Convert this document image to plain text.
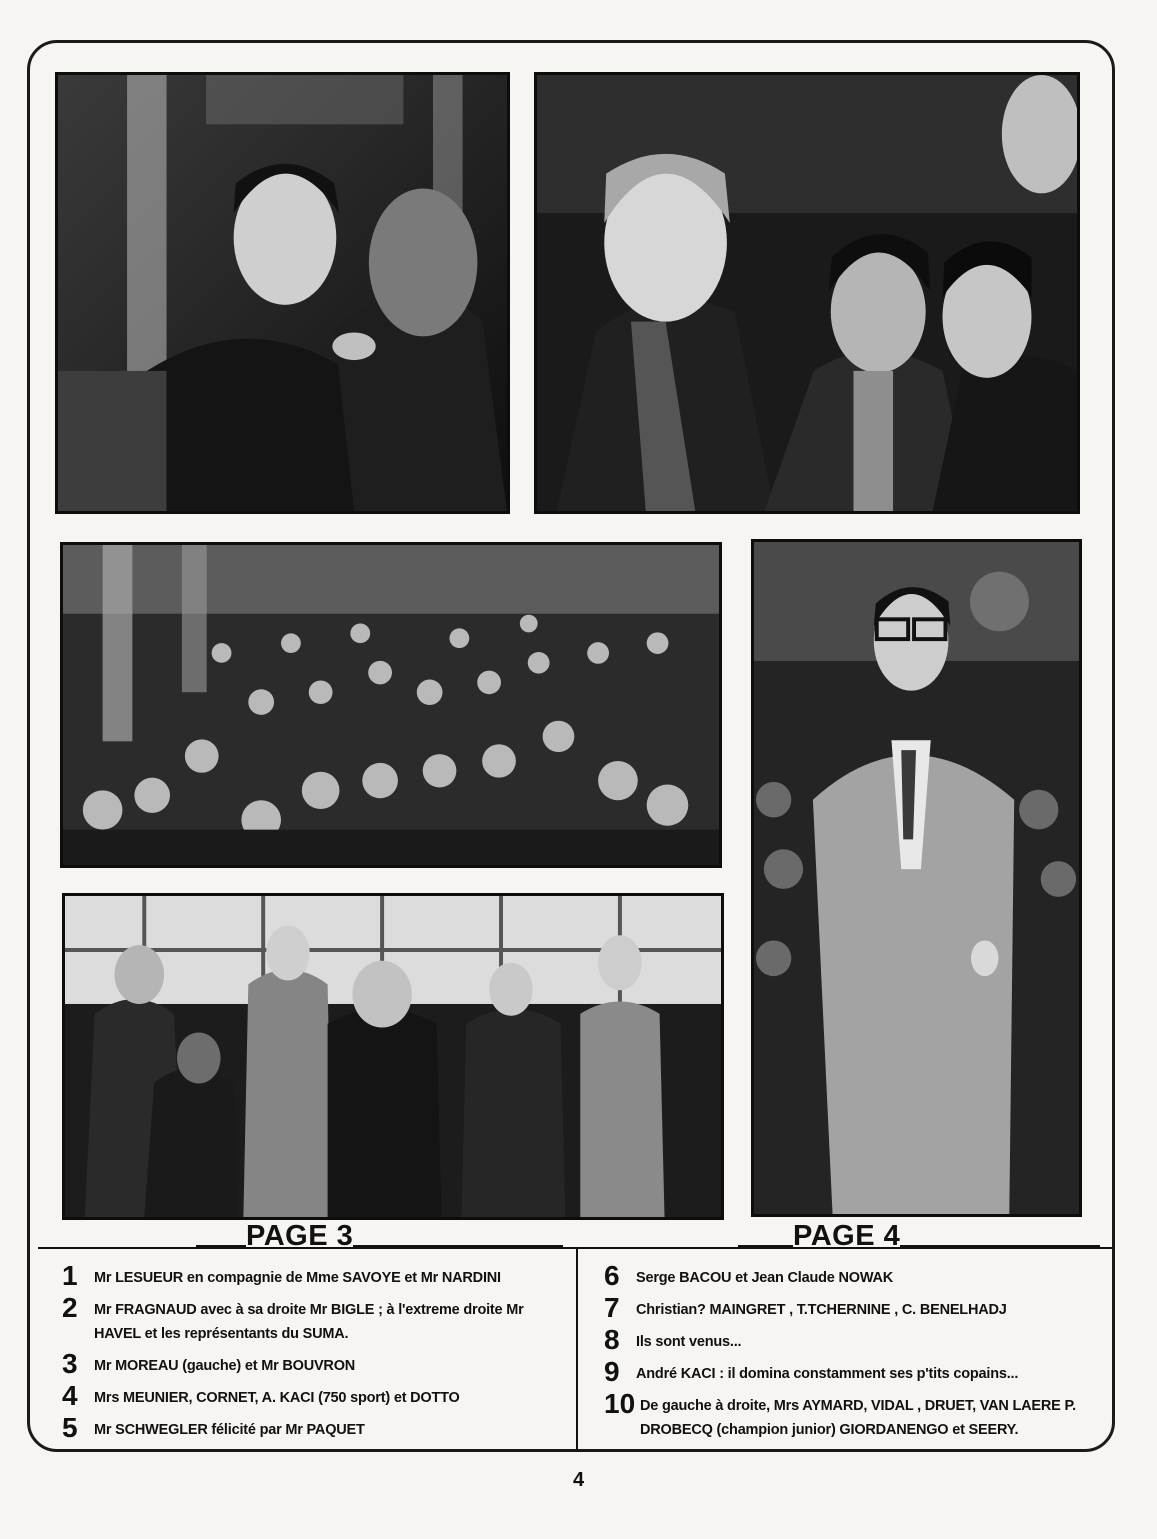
PAGE 3	PAGE 4
1	Mr LESUEUR en compagnie de Mme SAVOYE et Mr NARDINI
2	Mr FRAGNAUD avec à sa droite Mr BIGLE ; à l'extreme droite Mr HAVEL et les représentants du SUMA.
3	Mr MOREAU (gauche) et Mr BOUVRON
4	Mrs MEUNIER, CORNET, A. KACI (750 sport) et DOTTO
5	Mr SCHWEGLER félicité par Mr PAQUET
6	Serge BACOU et Jean Claude NOWAK
7	Christian? MAINGRET , T.TCHERNINE , C. BENELHADJ
8	Ils sont venus...
9	André KACI : il domina constamment ses p'tits copains...
10 De gauche à droite, Mrs AYMARD, VIDAL , DRUET, VAN LAERE P. DROBECQ (champion junior) GIORDANENGO et SEERY.
4
